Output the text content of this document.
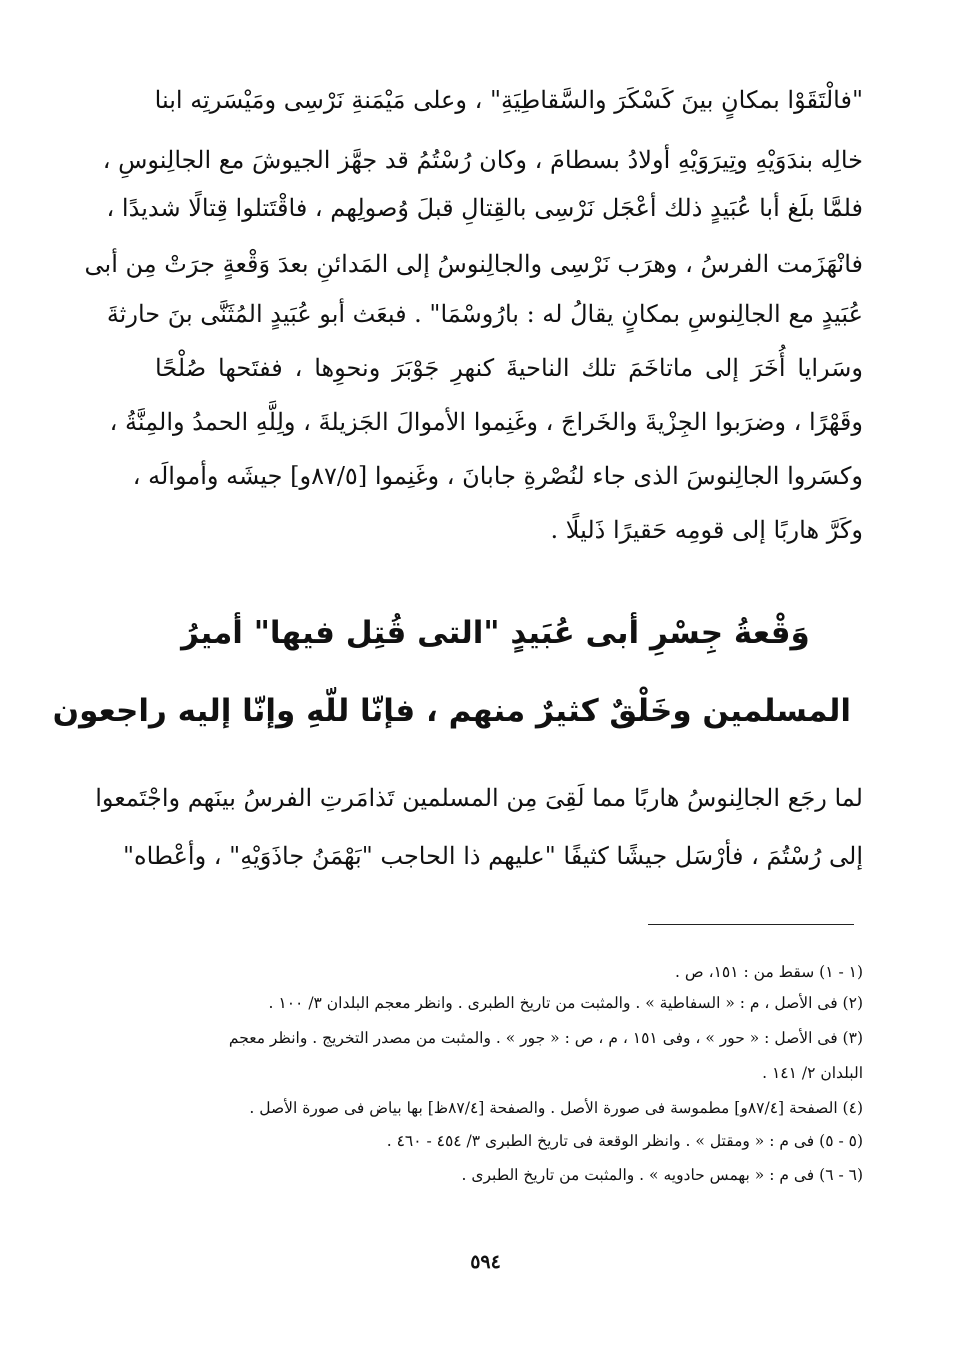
"فالْتَقَوْا بمكانٍ بينَ كَسْكَرَ والسَّقاطِيَةِ" ، وعلى مَيْمَنةِ نَرْسِى ومَيْسَرتِه ابنا
خالِه بندَوَيْهِ وتِيرَوَيْهِ أولادُ بسطامَ ، وكان رُسْتُمُ قد جهَّز الجيوشَ مع الجالِنوسِ ،
فلمَّا بلَغ أبا عُبَيدٍ ذلك أعْجَل نَرْسِى بالقِتالِ قبلَ وُصولِهم ، فاقْتَتلوا قِتالًا شديدًا ،
فانْهَزَمت الفرسُ ، وهرَب نَرْسِى والجالِنوسُ إلى المَدائنِ بعدَ وَقْعةٍ جرَتْ مِن أبى
عُبَيدٍ مع الجالِنوسِ بمكانٍ يقالُ له : بارُوسْمَا" . فبعَث أبو عُبَيدٍ المُثَنَّى بنَ حارثةَ
وسَرايا أُخَرَ إلى ماتاخَمَ تلك الناحيةَ كنهرِ جَوْبَرَ ونحوِها ، ففتَحها صُلْحًا
وقَهْرًا ، وضرَبوا الجِزْيةَ والخَراجَ ، وغَنِموا الأموالَ الجَزيلةَ ، ولِلَّهِ الحمدُ والمِنَّةُ ،
وكسَروا الجالِنوسَ الذى جاء لنُصْرةِ جابانَ ، وغَنِموا [٨٧/٥و] جيشَه وأموالَه ،
وكَرَّ هاربًا إلى قومِه حَقيرًا ذَليلًا .
وَقْعةُ جِسْرِ أبى عُبَيدٍ "التى قُتِل فيها" أميرُ
المسلمين وخَلْقٌ كثيرٌ منهم ، فإنّا للّهِ وإنّا إليه راجعون
لما رجَع الجالِنوسُ هاربًا مما لَقِىَ مِن المسلمين تَذامَرتِ الفرسُ بينَهم واجْتَمعوا
إلى رُسْتُمَ ، فأرْسَل جيشًا كثيفًا "عليهم ذا الحاجب "بَهْمَنُ جاذَوَيْهِ" ، وأعْطاه"
(١ - ١) سقط من : ١٥١، ص .
(٢) فى الأصل ، م : « السفاطية » . والمثبت من تاريخ الطبرى . وانظر معجم البلدان ٣/ ١٠٠ .
(٣) فى الأصل : « حور » ، وفى ١٥١ ، م ، ص : « جور » . والمثبت من مصدر التخريج . وانظر معجم
البلدان ٢/ ١٤١ .
(٤) الصفحة [٨٧/٤و] مطموسة فى صورة الأصل . والصفحة [٨٧/٤ظ] بها بياض فى صورة الأصل .
(٥ - ٥) فى م : « ومقتل » . وانظر الوقعة فى تاريخ الطبرى ٣/ ٤٥٤ - ٤٦٠ .
(٦ - ٦) فى م : « بهمس حادويه » . والمثبت من تاريخ الطبرى .
٥٩٤
